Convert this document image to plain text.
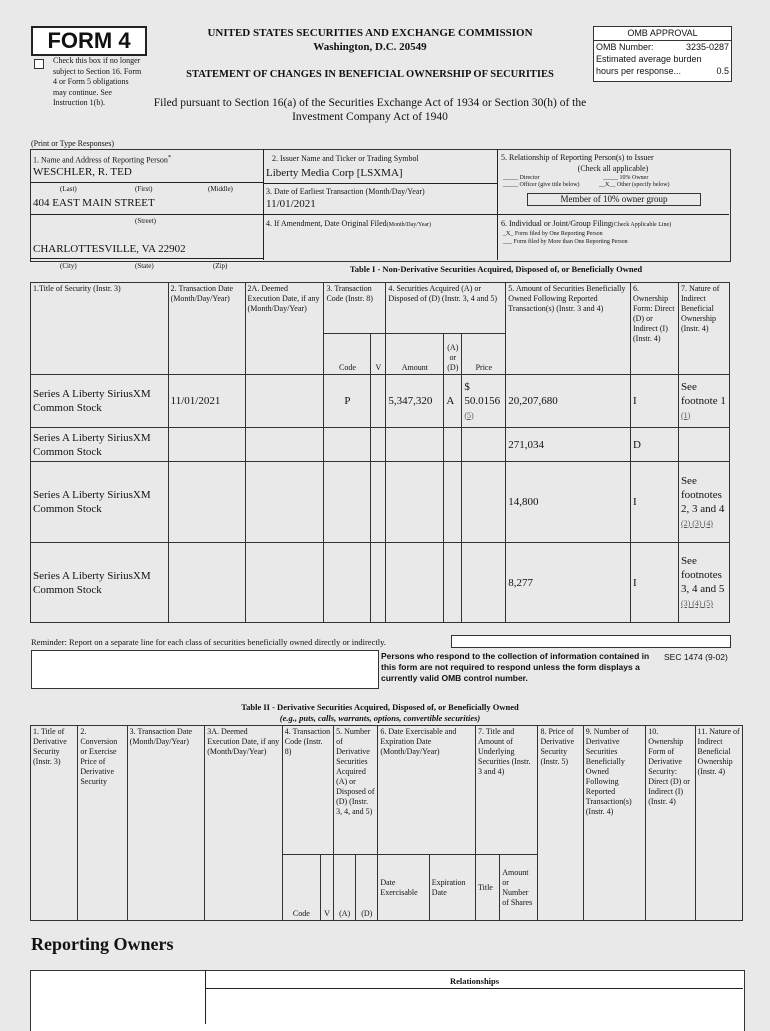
FORM 4
Check this box if no longer subject to Section 16. Form 4 or Form 5 obligations may continue. See Instruction 1(b).
UNITED STATES SECURITIES AND EXCHANGE COMMISSION
Washington, D.C. 20549
STATEMENT OF CHANGES IN BENEFICIAL OWNERSHIP OF SECURITIES
Filed pursuant to Section 16(a) of the Securities Exchange Act of 1934 or Section 30(h) of the Investment Company Act of 1940
OMB APPROVAL
OMB Number:	3235-0287
Estimated average burden
hours per response...	0.5
(Print or Type Responses)
1. Name and Address of Reporting Person*
WESCHLER, R. TED
(Last)	(First)	(Middle)
404 EAST MAIN STREET
(Street)
CHARLOTTESVILLE, VA 22902
(City)	(State)	(Zip)
2. Issuer Name and Ticker or Trading Symbol
Liberty Media Corp [LSXMA]
3. Date of Earliest Transaction (Month/Day/Year)
11/01/2021
4. If Amendment, Date Original Filed(Month/Day/Year)
5. Relationship of Reporting Person(s) to Issuer
(Check all applicable)
_____ Director	_____ 10% Owner
_____ Officer (give title below)	__X__ Other (specify below)
Member of 10% owner group
6. Individual or Joint/Group Filing(Check Applicable Line)
_X_ Form filed by One Reporting Person
___ Form filed by More than One Reporting Person
Table I - Non-Derivative Securities Acquired, Disposed of, or Beneficially Owned
1.Title of Security (Instr. 3)	2. Transaction Date (Month/Day/Year)	2A. Deemed Execution Date, if any (Month/Day/Year)	3. Transaction Code (Instr. 8)		4. Securities Acquired (A) or Disposed of (D) (Instr. 3, 4 and 5)			5. Amount of Securities Beneficially Owned Following Reported Transaction(s) (Instr. 3 and 4)	6. Ownership Form: Direct (D) or Indirect (I) (Instr. 4)	7. Nature of Indirect Beneficial Ownership (Instr. 4)
			Code	V	Amount	(A) or (D)	Price			
Series A Liberty SiriusXM Common Stock	11/01/2021		P		5,347,320	A	$ 50.0156 (5)	20,207,680	I	See footnote 1 (1)
Series A Liberty SiriusXM Common Stock								271,034	D	
Series A Liberty SiriusXM Common Stock								14,800	I	See footnotes 2, 3 and 4 (2) (3) (4)
Series A Liberty SiriusXM Common Stock								8,277	I	See footnotes 3, 4 and 5 (3) (4) (5)
Reminder: Report on a separate line for each class of securities beneficially owned directly or indirectly.
Persons who respond to the collection of information contained in this form are not required to respond unless the form displays a currently valid OMB control number.
SEC 1474 (9-02)
Table II - Derivative Securities Acquired, Disposed of, or Beneficially Owned
(e.g., puts, calls, warrants, options, convertible securities)
1. Title of Derivative Security (Instr. 3)	2. Conversion or Exercise Price of Derivative Security	3. Transaction Date (Month/Day/Year)	3A. Deemed Execution Date, if any (Month/Day/Year)	4. Transaction Code (Instr. 8)		5. Number of Derivative Securities Acquired (A) or Disposed of (D) (Instr. 3, 4, and 5)		6. Date Exercisable and Expiration Date (Month/Day/Year)		7. Title and Amount of Underlying Securities (Instr. 3 and 4)		8. Price of Derivative Security (Instr. 5)	9. Number of Derivative Securities Beneficially Owned Following Reported Transaction(s) (Instr. 4)	10. Ownership Form of Derivative Security: Direct (D) or Indirect (I) (Instr. 4)	11. Nature of Indirect Beneficial Ownership (Instr. 4)
				Code	V	(A)	(D)	Date Exercisable	Expiration Date	Title	Amount or Number of Shares				
Reporting Owners
Relationships
